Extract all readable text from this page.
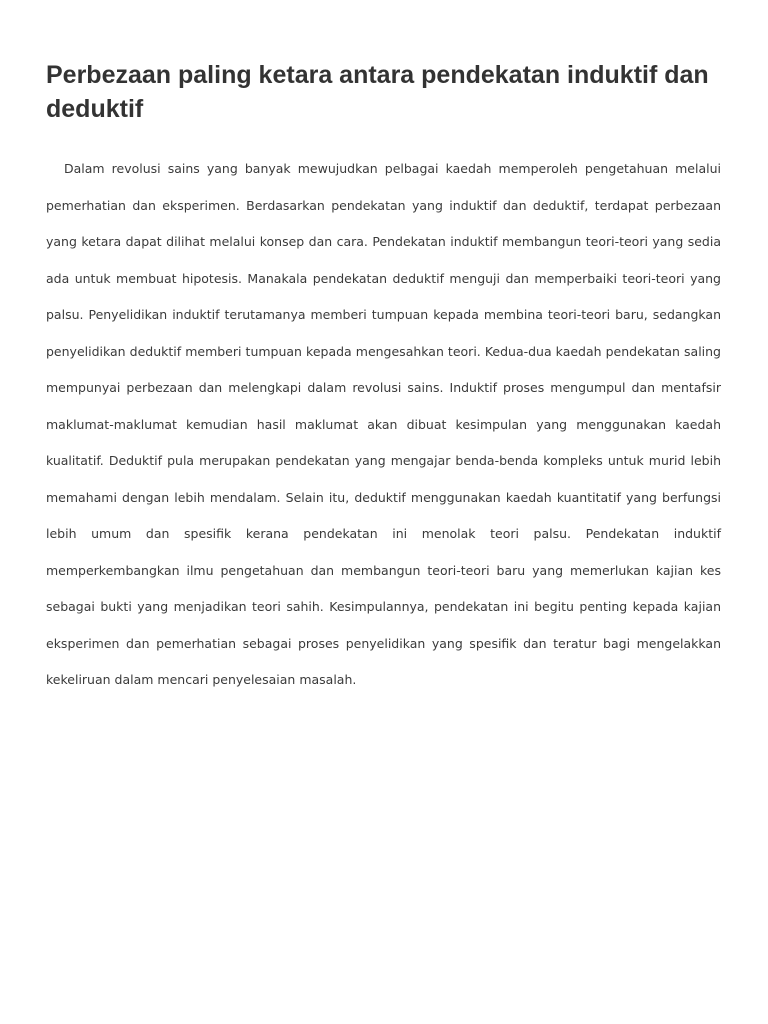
Perbezaan paling ketara antara pendekatan induktif dan deduktif

Dalam revolusi sains yang banyak mewujudkan pelbagai kaedah memperoleh pengetahuan melalui pemerhatian dan eksperimen. Berdasarkan pendekatan yang induktif dan deduktif, terdapat perbezaan yang ketara dapat dilihat melalui konsep dan cara. Pendekatan induktif membangun teori-teori yang sedia ada untuk membuat hipotesis. Manakala pendekatan deduktif menguji dan memperbaiki teori-teori yang palsu. Penyelidikan induktif terutamanya memberi tumpuan kepada membina teori-teori baru, sedangkan penyelidikan deduktif memberi tumpuan kepada mengesahkan teori. Kedua-dua kaedah pendekatan saling mempunyai perbezaan dan melengkapi dalam revolusi sains. Induktif proses mengumpul dan mentafsir maklumat-maklumat kemudian hasil maklumat akan dibuat kesimpulan yang menggunakan kaedah kualitatif. Deduktif pula merupakan pendekatan yang mengajar benda-benda kompleks untuk murid lebih memahami dengan lebih mendalam. Selain itu, deduktif menggunakan kaedah kuantitatif yang berfungsi lebih umum dan spesifik kerana pendekatan ini menolak teori palsu. Pendekatan induktif memperkembangkan ilmu pengetahuan dan membangun teori-teori baru yang memerlukan kajian kes sebagai bukti yang menjadikan teori sahih. Kesimpulannya, pendekatan ini begitu penting kepada kajian eksperimen dan pemerhatian sebagai proses penyelidikan yang spesifik dan teratur bagi mengelakkan kekeliruan dalam mencari penyelesaian masalah.
